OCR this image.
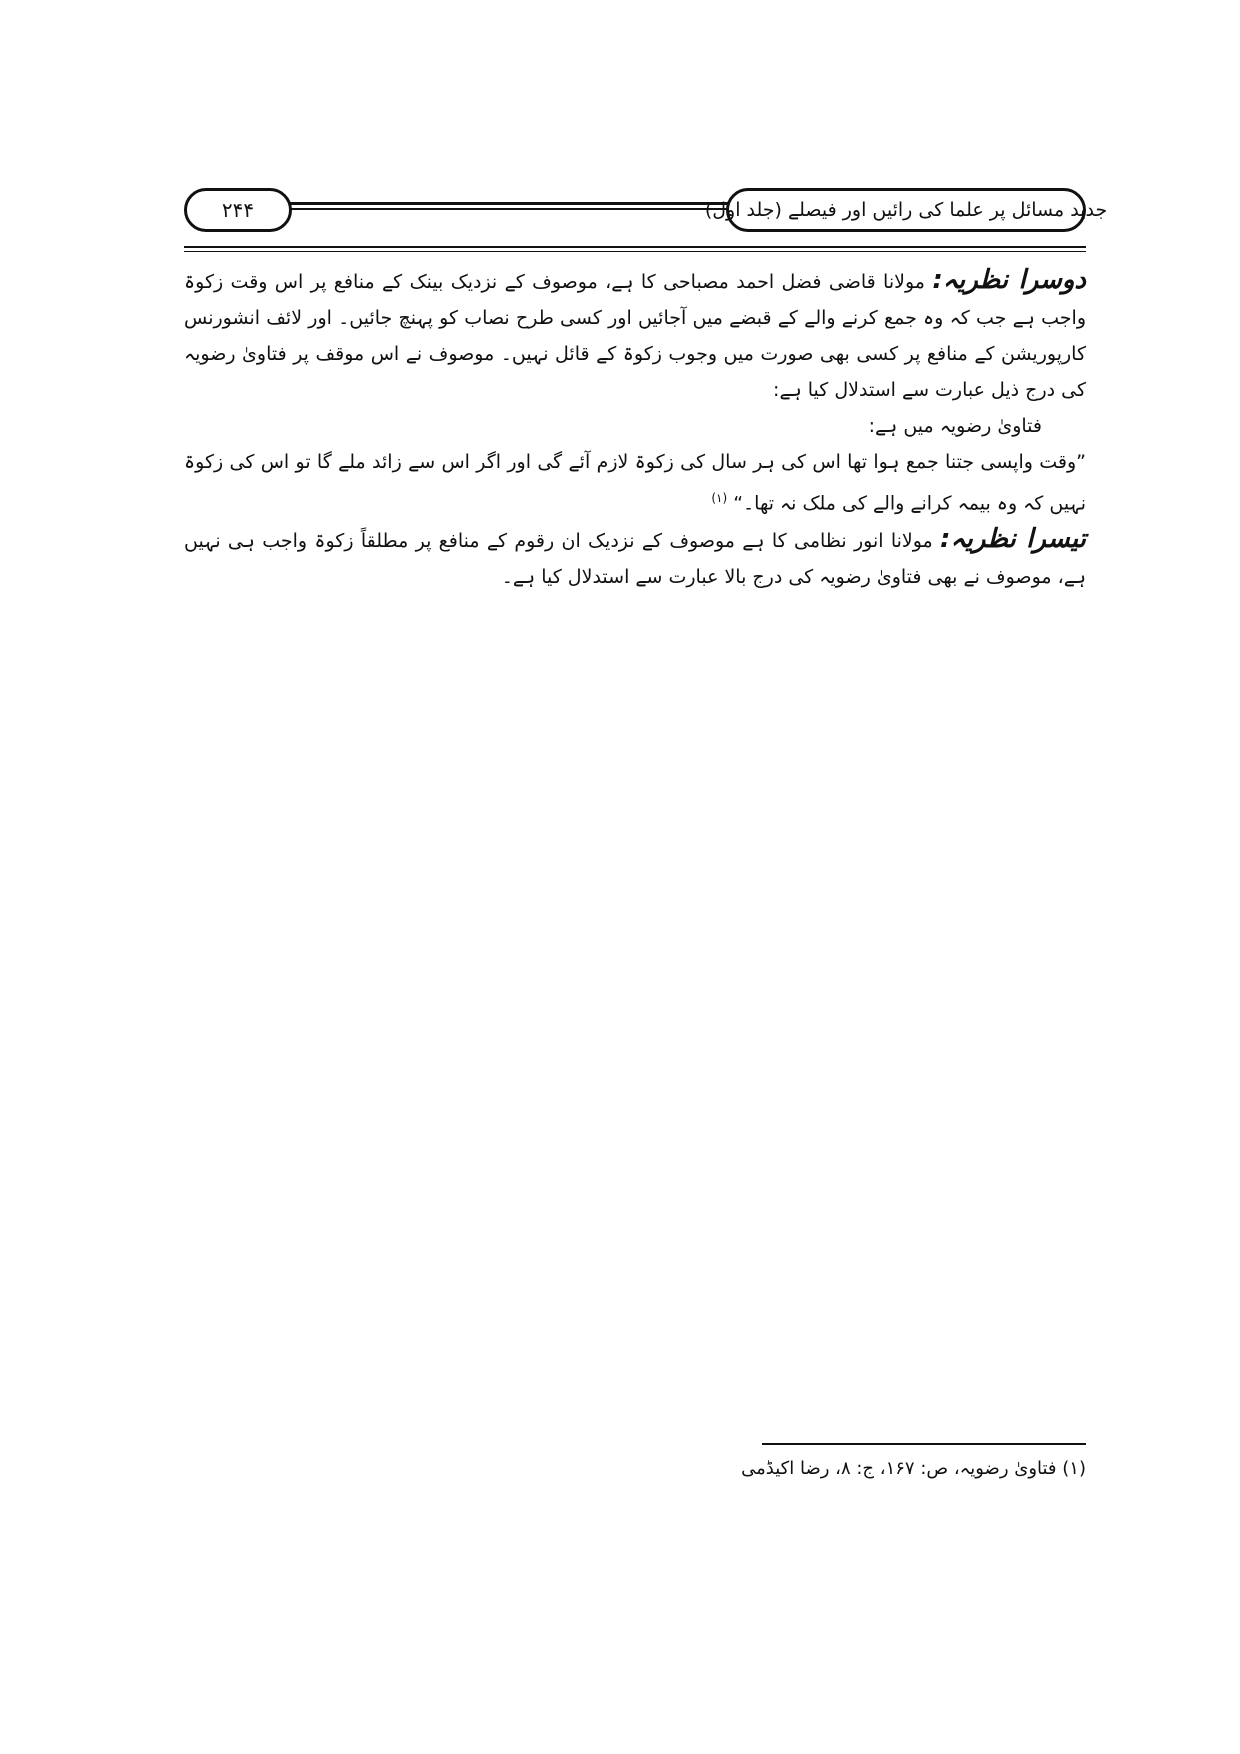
۲۴۴	جدید مسائل پر علما کی رائیں اور فیصلے (جلد اول)

دوسرا نظریہ: مولانا قاضی فضل احمد مصباحی کا ہے، موصوف کے نزدیک بینک کے منافع پر اس وقت زکوۃ واجب ہے جب کہ وہ جمع کرنے والے کے قبضے میں آجائیں اور کسی طرح نصاب کو پہنچ جائیں۔ اور لائف انشورنس کارپوریشن کے منافع پر کسی بھی صورت میں وجوب زکوۃ کے قائل نہیں۔ موصوف نے اس موقف پر فتاویٰ رضویہ کی درج ذیل عبارت سے استدلال کیا ہے:

فتاویٰ رضویہ میں ہے:

”وقت واپسی جتنا جمع ہوا تھا اس کی ہر سال کی زکوۃ لازم آئے گی اور اگر اس سے زائد ملے گا تو اس کی زکوۃ نہیں کہ وہ بیمہ کرانے والے کی ملک نہ تھا۔“ $^{(۱)}$

تیسرا نظریہ: مولانا انور نظامی کا ہے موصوف کے نزدیک ان رقوم کے منافع پر مطلقاً زکوۃ واجب ہی نہیں ہے، موصوف نے بھی فتاویٰ رضویہ کی درج بالا عبارت سے استدلال کیا ہے۔

(۱) فتاویٰ رضویہ، ص: ۱۶۷، ج: ۸، رضا اکیڈمی
